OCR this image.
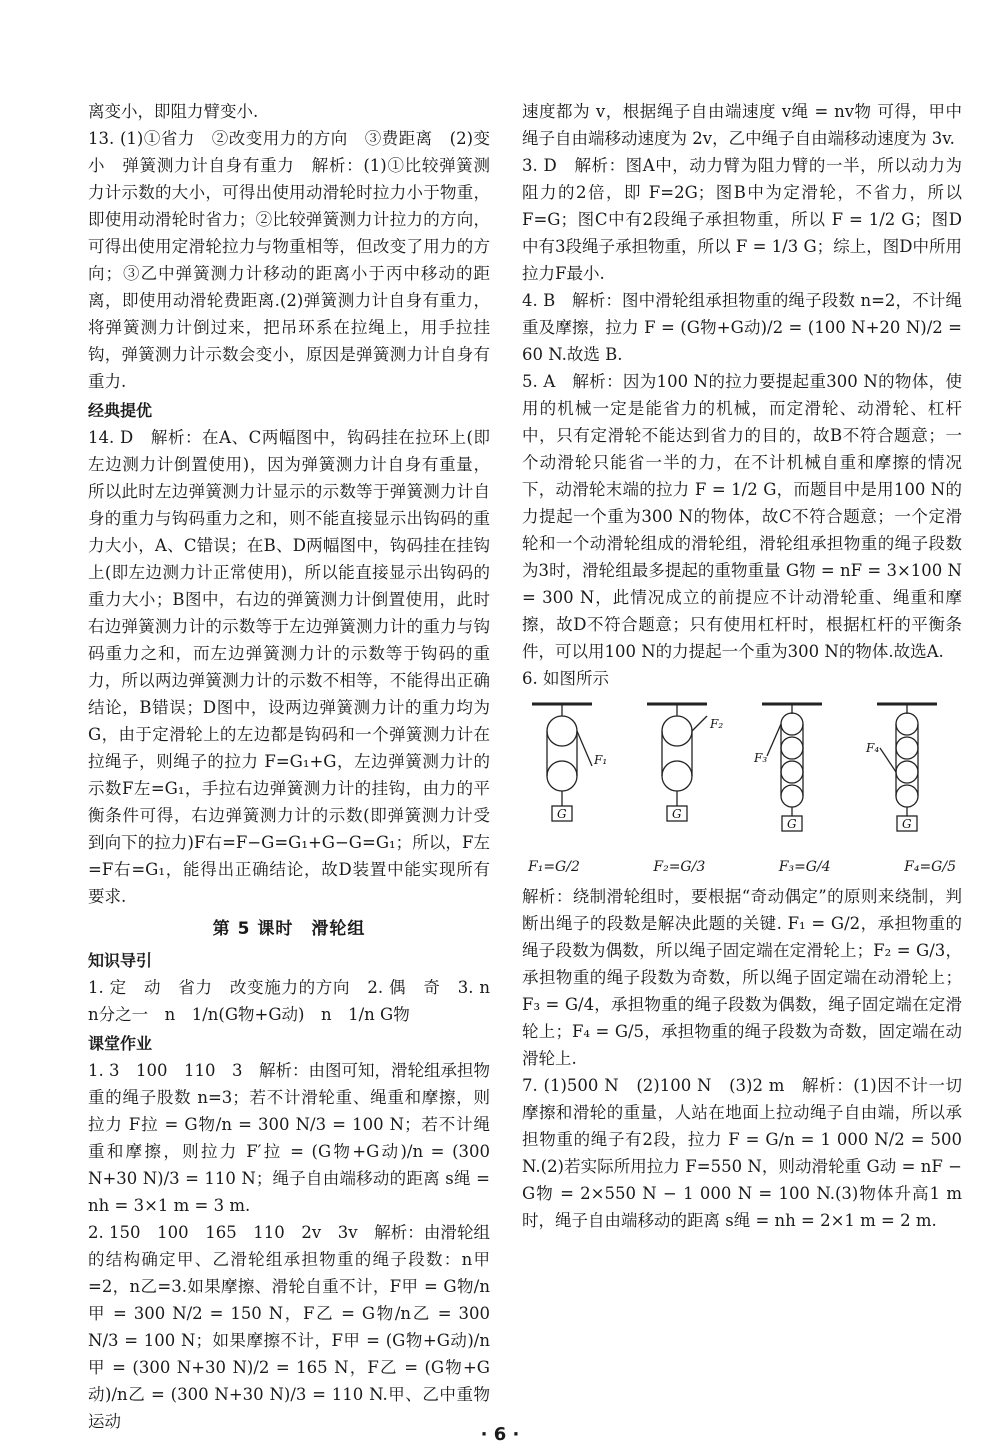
离变小，即阻力臂变小.

13. (1)①省力　②改变用力的方向　③费距离　(2)变小　弹簧测力计自身有重力　解析：(1)①比较弹簧测力计示数的大小，可得出使用动滑轮时拉力小于物重，即使用动滑轮时省力；②比较弹簧测力计拉力的方向，可得出使用定滑轮拉力与物重相等，但改变了用力的方向；③乙中弹簧测力计移动的距离小于丙中移动的距离，即使用动滑轮费距离.(2)弹簧测力计自身有重力，将弹簧测力计倒过来，把吊环系在拉绳上，用手拉挂钩，弹簧测力计示数会变小，原因是弹簧测力计自身有重力.

经典提优

14. D　解析：在A、C两幅图中，钩码挂在拉环上(即左边测力计倒置使用)，因为弹簧测力计自身有重量，所以此时左边弹簧测力计显示的示数等于弹簧测力计自身的重力与钩码重力之和，则不能直接显示出钩码的重力大小，A、C错误；在B、D两幅图中，钩码挂在挂钩上(即左边测力计正常使用)，所以能直接显示出钩码的重力大小；B图中，右边的弹簧测力计倒置使用，此时右边弹簧测力计的示数等于左边弹簧测力计的重力与钩码重力之和，而左边弹簧测力计的示数等于钩码的重力，所以两边弹簧测力计的示数不相等，不能得出正确结论，B错误；D图中，设两边弹簧测力计的重力均为G，由于定滑轮上的左边都是钩码和一个弹簧测力计在拉绳子，则绳子的拉力 F=G₁+G，左边弹簧测力计的示数F左=G₁，手拉右边弹簧测力计的挂钩，由力的平衡条件可得，右边弹簧测力计的示数(即弹簧测力计受到向下的拉力)F右=F−G=G₁+G−G=G₁；所以，F左=F右=G₁，能得出正确结论，故D装置中能实现所有要求.

第 5 课时　滑轮组
知识导引

1. 定　动　省力　改变施力的方向　2. 偶　奇　3. n　n分之一　n　1/n(G物+G动)　n　1/n G物

课堂作业

1. 3　100　110　3　解析：由图可知，滑轮组承担物重的绳子股数 n=3；若不计滑轮重、绳重和摩擦，则拉力 F拉 = G物/n = 300 N/3 = 100 N；若不计绳重和摩擦，则拉力 F′拉 = (G物+G动)/n = (300 N+30 N)/3 = 110 N；绳子自由端移动的距离 s绳 = nh = 3×1 m = 3 m.

2. 150　100　165　110　2v　3v　解析：由滑轮组的结构确定甲、乙滑轮组承担物重的绳子段数：n甲=2，n乙=3.如果摩擦、滑轮自重不计，F甲 = G物/n甲 = 300 N/2 = 150 N，F乙 = G物/n乙 = 300 N/3 = 100 N；如果摩擦不计，F甲 = (G物+G动)/n甲 = (300 N+30 N)/2 = 165 N，F乙 = (G物+G动)/n乙 = (300 N+30 N)/3 = 110 N.甲、乙中重物运动

速度都为 v，根据绳子自由端速度 v绳 = nv物 可得，甲中绳子自由端移动速度为 2v，乙中绳子自由端移动速度为 3v.

3. D　解析：图A中，动力臂为阻力臂的一半，所以动力为阻力的2倍，即 F=2G；图B中为定滑轮，不省力，所以 F=G；图C中有2段绳子承担物重，所以 F = 1/2 G；图D中有3段绳子承担物重，所以 F = 1/3 G；综上，图D中所用拉力F最小.

4. B　解析：图中滑轮组承担物重的绳子段数 n=2，不计绳重及摩擦，拉力 F = (G物+G动)/2 = (100 N+20 N)/2 = 60 N.故选 B.

5. A　解析：因为100 N的拉力要提起重300 N的物体，使用的机械一定是能省力的机械，而定滑轮、动滑轮、杠杆中，只有定滑轮不能达到省力的目的，故B不符合题意；一个动滑轮只能省一半的力，在不计机械自重和摩擦的情况下，动滑轮末端的拉力 F = 1/2 G，而题目中是用100 N的力提起一个重为300 N的物体，故C不符合题意；一个定滑轮和一个动滑轮组成的滑轮组，滑轮组承担物重的绳子段数为3时，滑轮组最多提起的重物重量 G物 = nF = 3×100 N = 300 N，此情况成立的前提应不计动滑轮重、绳重和摩擦，故D不符合题意；只有使用杠杆时，根据杠杆的平衡条件，可以用100 N的力提起一个重为300 N的物体.故选A.

6. 如图所示

F₁
F₂
F₃
F₄
G	G
G	G
F₁=G/2	F₂=G/3	F₃=G/4	F₄=G/5

解析：绕制滑轮组时，要根据“奇动偶定”的原则来绕制，判断出绳子的段数是解决此题的关键. F₁ = G/2，承担物重的绳子段数为偶数，所以绳子固定端在定滑轮上；F₂ = G/3，承担物重的绳子段数为奇数，所以绳子固定端在动滑轮上；F₃ = G/4，承担物重的绳子段数为偶数，绳子固定端在定滑轮上；F₄ = G/5，承担物重的绳子段数为奇数，固定端在动滑轮上.

7. (1)500 N　(2)100 N　(3)2 m　解析：(1)因不计一切摩擦和滑轮的重量，人站在地面上拉动绳子自由端，所以承担物重的绳子有2段，拉力 F = G/n = 1 000 N/2 = 500 N.(2)若实际所用拉力 F=550 N，则动滑轮重 G动 = nF − G物 = 2×550 N − 1 000 N = 100 N.(3)物体升高1 m时，绳子自由端移动的距离 s绳 = nh = 2×1 m = 2 m.

· 6 ·
